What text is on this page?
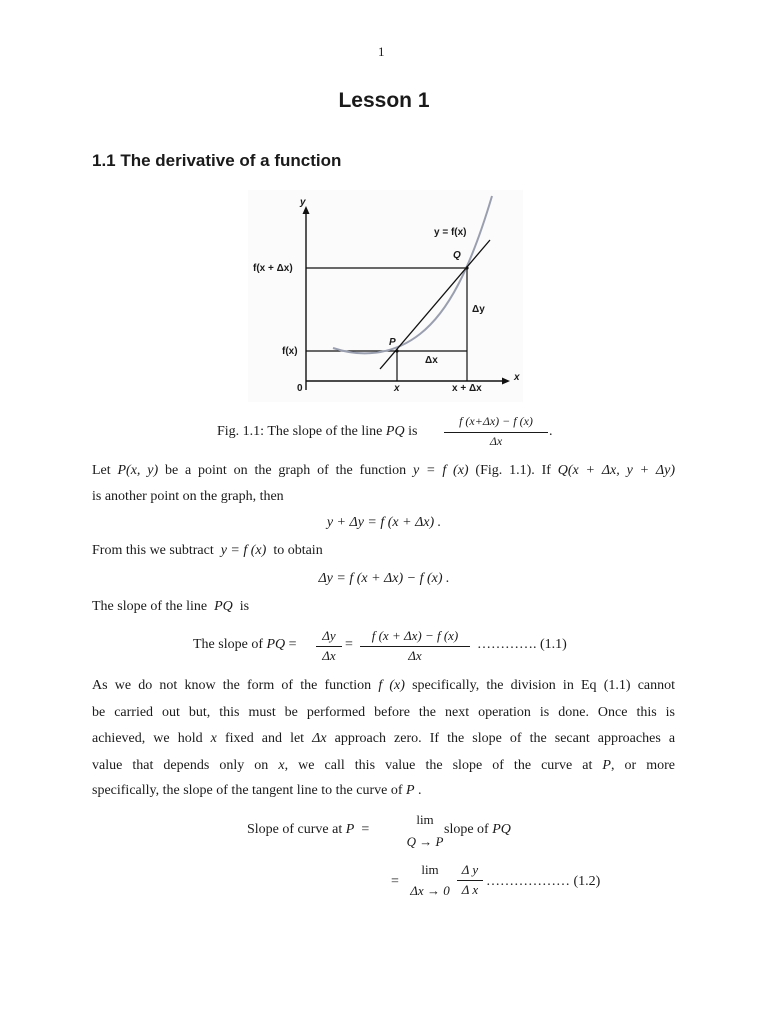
1
Lesson 1
1.1 The derivative of a function
y
x
y = f(x)
f(x + Δx)
f(x)
0
P
Q
Δy
Δx
x	x + Δx
Fig. 1.1: The slope of the line PQ is
f (x+Δx) − f (x)
Δx
.
Let P(x, y) be a point on the graph of the function y = f (x) (Fig. 1.1). If Q(x + Δx, y + Δy)
is another point on the graph, then
y + Δy = f (x + Δx) .
From this we subtract y = f (x) to obtain
Δy = f (x + Δx) − f (x) .
The slope of the line PQ is
The slope of PQ =
Δy
Δx
=
f (x + Δx) − f (x)
Δx
…………. (1.1)
As we do not know the form of the function f (x) specifically, the division in Eq (1.1) cannot
be carried out but, this must be performed before the next operation is done. Once this is
achieved, we hold x fixed and let Δx approach zero. If the slope of the secant approaches a
value that depends only on x, we call this value the slope of the curve at P, or more
specifically, the slope of the tangent line to the curve of P .
Slope of curve at P =
lim
Q → P
slope of PQ
=
lim
Δx → 0
Δ y
Δ x
……………… (1.2)
